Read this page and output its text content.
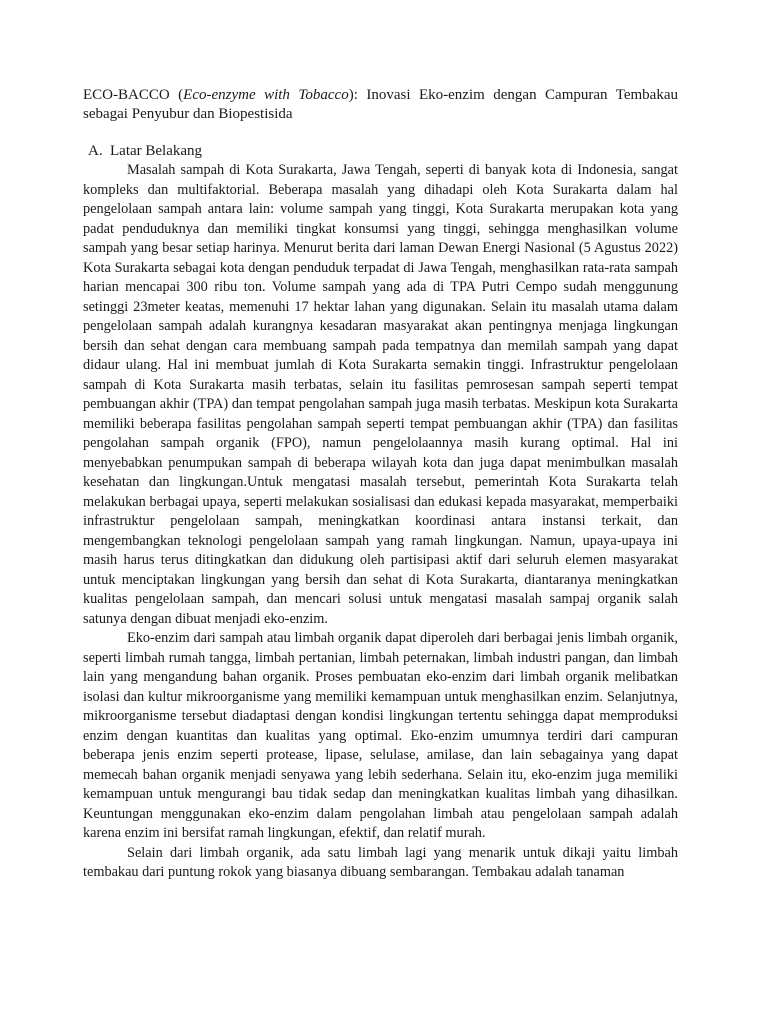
ECO-BACCO (Eco-enzyme with Tobacco): Inovasi Eko-enzim dengan Campuran Tembakau sebagai Penyubur dan Biopestisida

A. Latar Belakang

Masalah sampah di Kota Surakarta, Jawa Tengah, seperti di banyak kota di Indonesia, sangat kompleks dan multifaktorial. Beberapa masalah yang dihadapi oleh Kota Surakarta dalam hal pengelolaan sampah antara lain: volume sampah yang tinggi, Kota Surakarta merupakan kota yang padat penduduknya dan memiliki tingkat konsumsi yang tinggi, sehingga menghasilkan volume sampah yang besar setiap harinya. Menurut berita dari laman Dewan Energi Nasional (5 Agustus 2022) Kota Surakarta sebagai kota dengan penduduk terpadat di Jawa Tengah, menghasilkan rata-rata sampah harian mencapai 300 ribu ton. Volume sampah yang ada di TPA Putri Cempo sudah menggunung setinggi 23meter keatas, memenuhi 17 hektar lahan yang digunakan. Selain itu masalah utama dalam pengelolaan sampah adalah kurangnya kesadaran masyarakat akan pentingnya menjaga lingkungan bersih dan sehat dengan cara membuang sampah pada tempatnya dan memilah sampah yang dapat didaur ulang. Hal ini membuat jumlah di Kota Surakarta semakin tinggi. Infrastruktur pengelolaan sampah di Kota Surakarta masih terbatas, selain itu fasilitas pemrosesan sampah seperti tempat pembuangan akhir (TPA) dan tempat pengolahan sampah juga masih terbatas. Meskipun kota Surakarta memiliki beberapa fasilitas pengolahan sampah seperti tempat pembuangan akhir (TPA) dan fasilitas pengolahan sampah organik (FPO), namun pengelolaannya masih kurang optimal. Hal ini menyebabkan penumpukan sampah di beberapa wilayah kota dan juga dapat menimbulkan masalah kesehatan dan lingkungan.Untuk mengatasi masalah tersebut, pemerintah Kota Surakarta telah melakukan berbagai upaya, seperti melakukan sosialisasi dan edukasi kepada masyarakat, memperbaiki infrastruktur pengelolaan sampah, meningkatkan koordinasi antara instansi terkait, dan mengembangkan teknologi pengelolaan sampah yang ramah lingkungan. Namun, upaya-upaya ini masih harus terus ditingkatkan dan didukung oleh partisipasi aktif dari seluruh elemen masyarakat untuk menciptakan lingkungan yang bersih dan sehat di Kota Surakarta, diantaranya meningkatkan kualitas pengelolaan sampah, dan mencari solusi untuk mengatasi masalah sampaj organik salah satunya dengan dibuat menjadi eko-enzim.

Eko-enzim dari sampah atau limbah organik dapat diperoleh dari berbagai jenis limbah organik, seperti limbah rumah tangga, limbah pertanian, limbah peternakan, limbah industri pangan, dan limbah lain yang mengandung bahan organik. Proses pembuatan eko-enzim dari limbah organik melibatkan isolasi dan kultur mikroorganisme yang memiliki kemampuan untuk menghasilkan enzim. Selanjutnya, mikroorganisme tersebut diadaptasi dengan kondisi lingkungan tertentu sehingga dapat memproduksi enzim dengan kuantitas dan kualitas yang optimal. Eko-enzim umumnya terdiri dari campuran beberapa jenis enzim seperti protease, lipase, selulase, amilase, dan lain sebagainya yang dapat memecah bahan organik menjadi senyawa yang lebih sederhana. Selain itu, eko-enzim juga memiliki kemampuan untuk mengurangi bau tidak sedap dan meningkatkan kualitas limbah yang dihasilkan. Keuntungan menggunakan eko-enzim dalam pengolahan limbah atau pengelolaan sampah adalah karena enzim ini bersifat ramah lingkungan, efektif, dan relatif murah.

Selain dari limbah organik, ada satu limbah lagi yang menarik untuk dikaji yaitu limbah tembakau dari puntung rokok yang biasanya dibuang sembarangan. Tembakau adalah tanaman
